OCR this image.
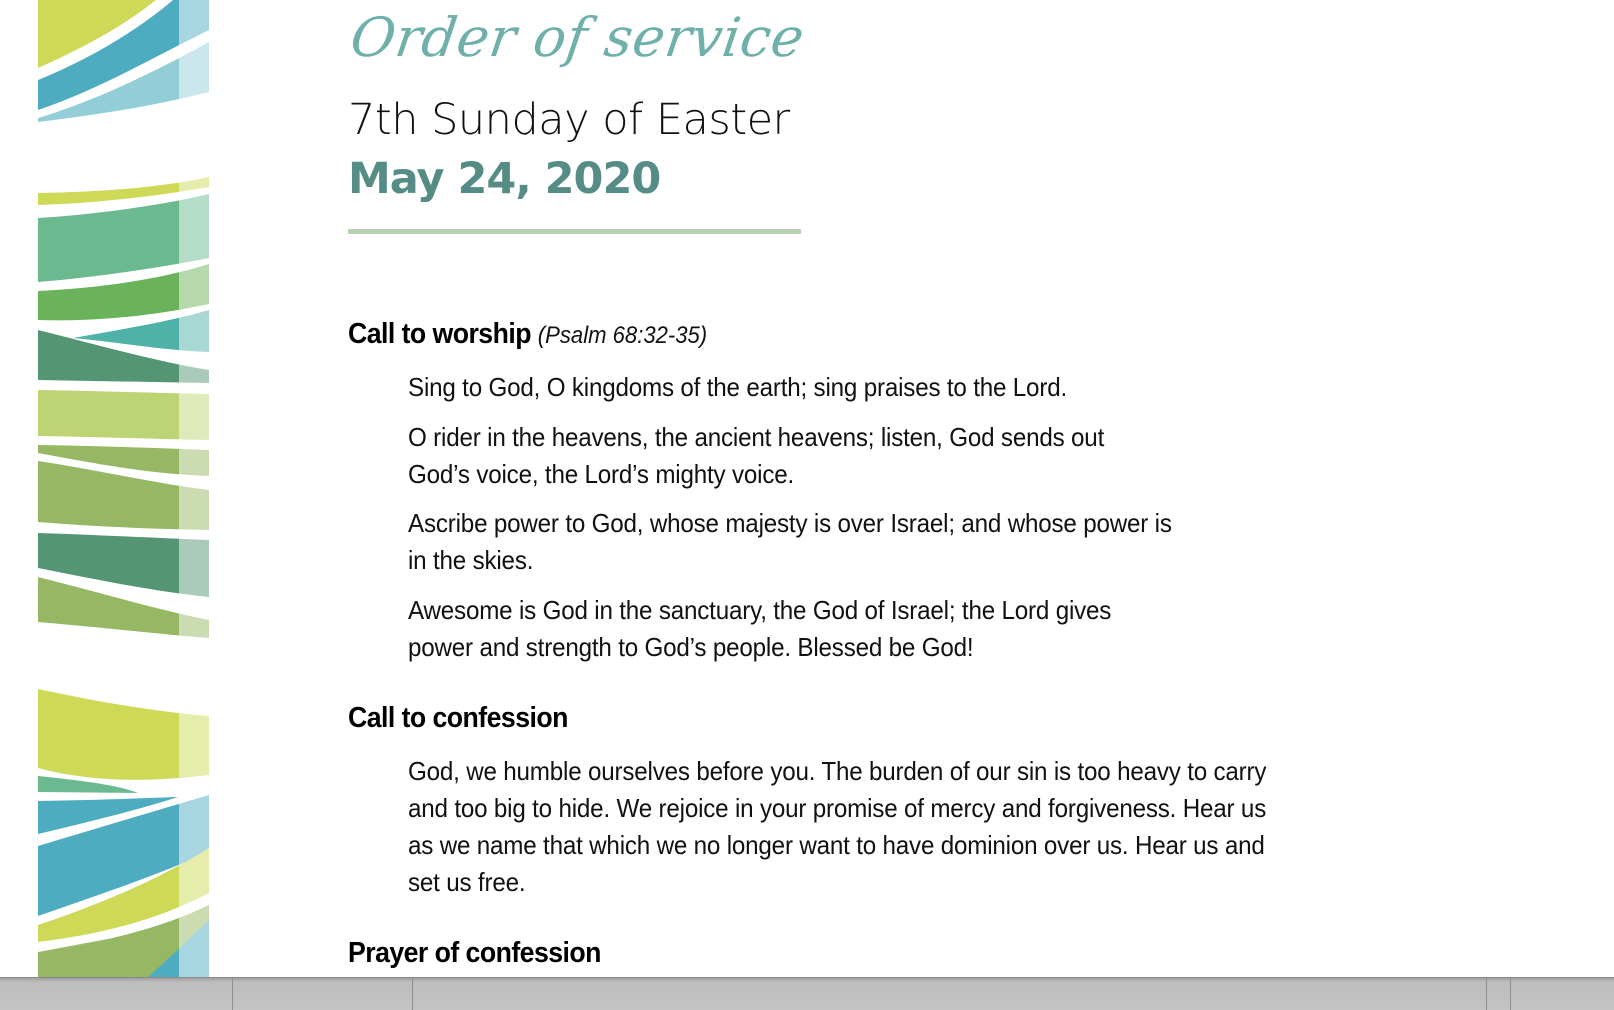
Order of service
7th Sunday of Easter
May 24, 2020
Call to worship (Psalm 68:32-35)
Sing to God, O kingdoms of the earth; sing praises to the Lord.
O rider in the heavens, the ancient heavens; listen, God sends out God’s voice, the Lord’s mighty voice.
Ascribe power to God, whose majesty is over Israel; and whose power is in the skies.
Awesome is God in the sanctuary, the God of Israel; the Lord gives power and strength to God’s people. Blessed be God!
Call to confession
God, we humble ourselves before you. The burden of our sin is too heavy to carry and too big to hide. We rejoice in your promise of mercy and forgiveness. Hear us as we name that which we no longer want to have dominion over us. Hear us and set us free.
Prayer of confession
